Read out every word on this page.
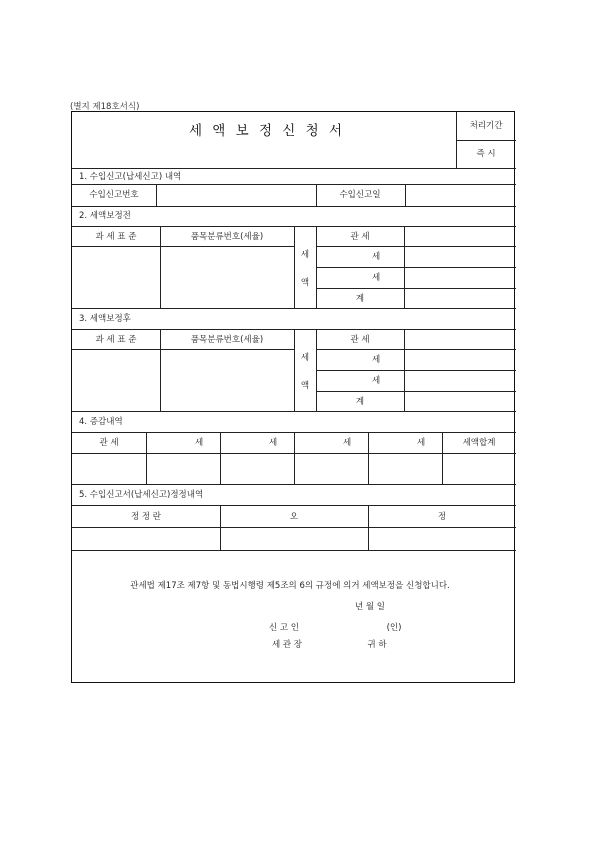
(별지 제18호서식)
세 액 보 정 신 청 서	처리기간
즉 시
1. 수입신고(납세신고) 내역
수입신고번호	수입신고일
2. 세액보정전
과 세 표 준	품목분류번호(세율)
세
액
관 세
세
세
계
3. 세액보정후
과 세 표 준	품목분류번호(세율)
세
액
관 세
세
세
계
4. 증감내역
관 세	세	세	세	세	세액합계
5. 수입신고서(납세신고)정정내역
정 정 란	오	정
관세법 제17조 제7항 및 동법시행령 제5조의 6의 규정에 의거 세액보정을 신청합니다.
년 월 일
신 고 인	(인)
세 관 장	귀 하
